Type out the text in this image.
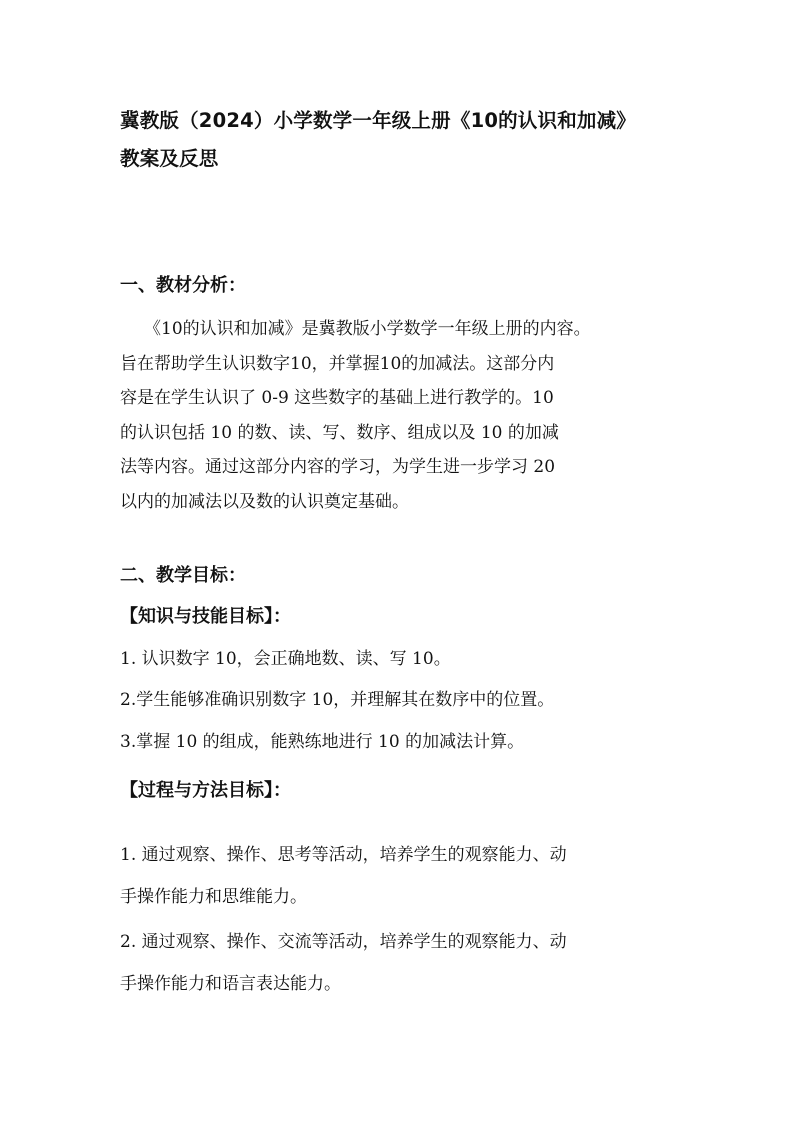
冀教版（2024）小学数学一年级上册《10的认识和加减》
教案及反思
一、教材分析：
《10的认识和加减》是冀教版小学数学一年级上册的内容。
旨在帮助学生认识数字10，并掌握10的加减法。这部分内
容是在学生认识了 0-9 这些数字的基础上进行教学的。10
的认识包括 10 的数、读、写、数序、组成以及 10 的加减
法等内容。通过这部分内容的学习，为学生进一步学习 20
以内的加减法以及数的认识奠定基础。
二、教学目标：
【知识与技能目标】：
1. 认识数字 10，会正确地数、读、写 10。
2.学生能够准确识别数字 10，并理解其在数序中的位置。
3.掌握 10 的组成，能熟练地进行 10 的加减法计算。
【过程与方法目标】：
1. 通过观察、操作、思考等活动，培养学生的观察能力、动
手操作能力和思维能力。
2. 通过观察、操作、交流等活动，培养学生的观察能力、动
手操作能力和语言表达能力。
